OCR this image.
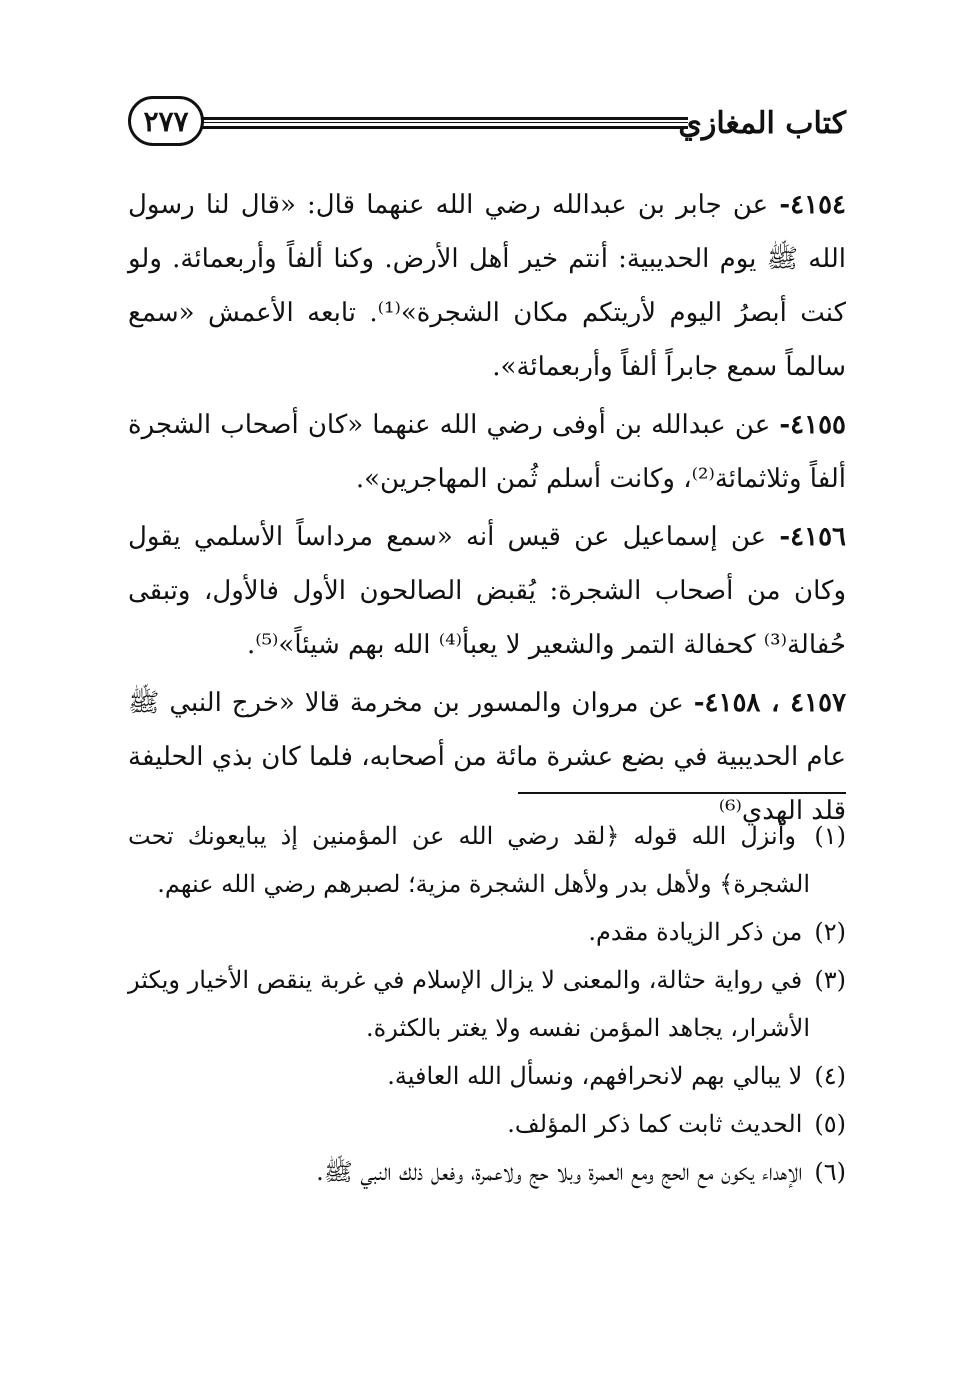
كتاب المغازي
٢٧٧

٤١٥٤- عن جابر بن عبدالله رضي الله عنهما قال: «قال لنا رسول الله ﷺ يوم الحديبية: أنتم خير أهل الأرض. وكنا ألفاً وأربعمائة. ولو كنت أبصرُ اليوم لأريتكم مكان الشجرة»⁽¹⁾. تابعه الأعمش «سمع سالماً سمع جابراً ألفاً وأربعمائة».

٤١٥٥- عن عبدالله بن أوفى رضي الله عنهما «كان أصحاب الشجرة ألفاً وثلاثمائة⁽²⁾، وكانت أسلم ثُمن المهاجرين».

٤١٥٦- عن إسماعيل عن قيس أنه «سمع مرداساً الأسلمي يقول وكان من أصحاب الشجرة: يُقبض الصالحون الأول فالأول، وتبقى حُفالة⁽³⁾ كحفالة التمر والشعير لا يعبأ⁽⁴⁾ الله بهم شيئاً»⁽⁵⁾.

٤١٥٧ ، ٤١٥٨- عن مروان والمسور بن مخرمة قالا «خرج النبي ﷺ عام الحديبية في بضع عشرة مائة من أصحابه، فلما كان بذي الحليفة قلد الهدي⁽⁶⁾

(١) وأنزل الله قوله ﴿لقد رضي الله عن المؤمنين إذ يبايعونك تحت الشجرة﴾ ولأهل بدر ولأهل الشجرة مزية؛ لصبرهم رضي الله عنهم.

(٢) من ذكر الزيادة مقدم.

(٣) في رواية حثالة، والمعنى لا يزال الإسلام في غربة ينقص الأخيار ويكثر الأشرار، يجاهد المؤمن نفسه ولا يغتر بالكثرة.

(٤) لا يبالي بهم لانحرافهم، ونسأل الله العافية.

(٥) الحديث ثابت كما ذكر المؤلف.

(٦) الإهداء يكون مع الحج ومع العمرة وبلا حج ولاعمرة، وفعل ذلك النبي ﷺ.
